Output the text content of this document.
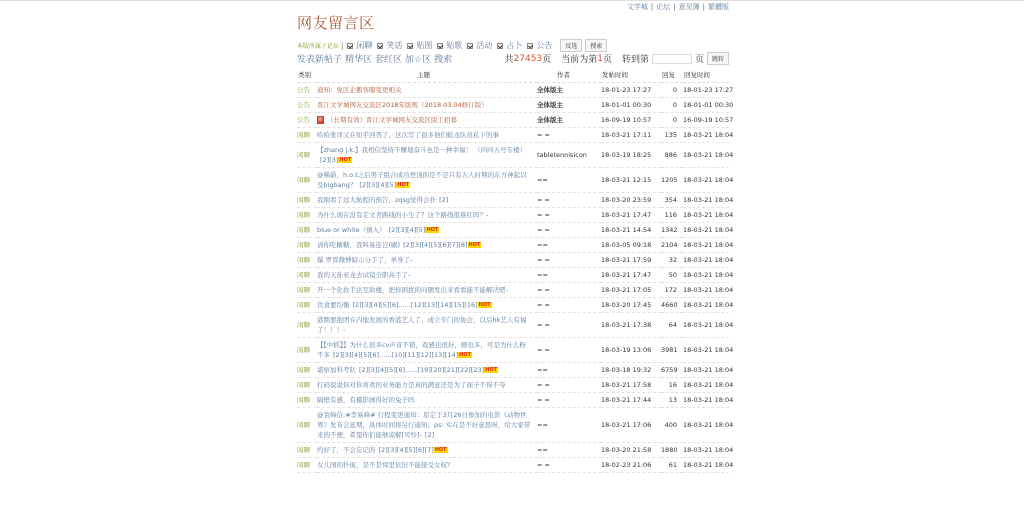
文学城 | 论坛 | 意见簿 | 繁體版
网友留言区
本版所属子论坛 | 闲聊 笑话 贴图 贴歌 活动 占卜 公告	反选	搜索
发表新帖子 精华区 套红区 加☆区 搜索	共 27453 页 当前为第 1 页 转到第	页	跳转
类别	主题	作者	发帖时间	回复	回复时间
公告	通知：免区企鹅客服变更相关	全体版主	18-01-23 17:27	0	18-01-23 17:27
公告	晋江文学城网友交流区2018年版规（2018.03.04修订版）	全体版主	18-01-01 00:30	0	18-01-01 00:30
公告	新 （长期有效）晋江文学城网友交流区版工招募	全体版主	16-09-19 10:57	0	16-09-19 10:57
闲聊	哈哈张译又在知乎回答了，这次写了很多他们蛟龙队员私下的事	= =	18-03-21 17:11	135	18-03-21 18:04
闲聊	【zhang j.k.】我相信坚持不懈地奋斗也是一种幸福！ （四四五号专楼）[2][3]HOT	tabletennisicon	18-03-19 18:25	886	18-03-21 18:04
闲聊	@稀爵，h.o.t之后男子组合成功登顶的是不是只有五人时期的东方神起以及bigbang？ [2][3][4][5]HOT	==	18-03-21 12:15	1205	18-03-21 18:04
闲聊	我刚看了远大航程的预告，zqsg觉得会扑 [2]	= =	18-03-20 23:59	354	18-03-21 18:04
闲聊	为什么现在没有走文青路线的小生了？这个路线很难红吗？-	= =	18-03-21 17:47	116	18-03-21 18:04
闲聊	blue or white（慎入） [2][3][4][5]HOT	= =	18-03-21 14:54	1342	18-03-21 18:04
闲聊	请你吃糖糖，我叫易连岂(刷) [2][3][4][5][6][7][8]HOT	==	18-03-05 09:18	2104	18-03-21 18:04
闲聊	爆 罗晋微博暗示分手了，单身了-	= =	18-03-21 17:59	32	18-03-21 18:04
闲聊	我的天孙亚龙去试镜全职高手了-	==	18-03-21 17:47	50	18-03-21 18:04
闲聊	开一个化妆手法互助楼，把你困扰的问题发出来看看能不能解决吧-	= =	18-03-21 17:05	172	18-03-21 18:04
闲聊	饮食要均衡 [2][3][4][5][6]......[12][13][14][15][16]HOT	= =	18-03-20 17:45	4660	18-03-21 18:04
闲聊	港圈要抱团在内地发展的香港艺人了，成立专门的协会，以后hk艺人有福了！！！-	= =	18-03-21 17:38	64	18-03-21 18:04
闲聊	【【中抓】】为什么很多cv声音不错，戏感也很好，剧也多，可是为什么粉不多 [2][3][4][5][6]......[10][11][12][13][14]HOT	= =	18-03-19 13:06	3981	18-03-21 18:04
闲聊	堪察加科考队 [2][3][4][5][6]......[19][20][21][22][23]HOT	==	18-03-18 19:32	6759	18-03-21 18:04
闲聊	打码说说你对你喜欢的业务能力是真的满意还是为了面子不得不夸	= =	18-03-21 17:58	16	18-03-21 18:04
闲聊	隔壁有感，有摄影画得好的兔子吗	= =	18-03-21 17:44	13	18-03-21 18:04
闲聊	@萱峰信:#李易峰# 行程变更通知：原定于3月26日参加的电影《动物世界》发布会延期，具体时间将另行通知。ps: 实在是不好意思呀，给大家带来的不便，希望你们能够谅解[可怜]- [2]	==	18-03-21 17:06	400	18-03-21 18:04
闲聊	约好了，不会忘记的 [2][3][4][5][6][7]HOT	==	18-03-20 21:58	1880	18-03-21 18:04
闲聊	女儿国的扑街，是不是窝里依旧不能接受女权？	= =	18-02-23 21:06	61	18-03-21 18:04
